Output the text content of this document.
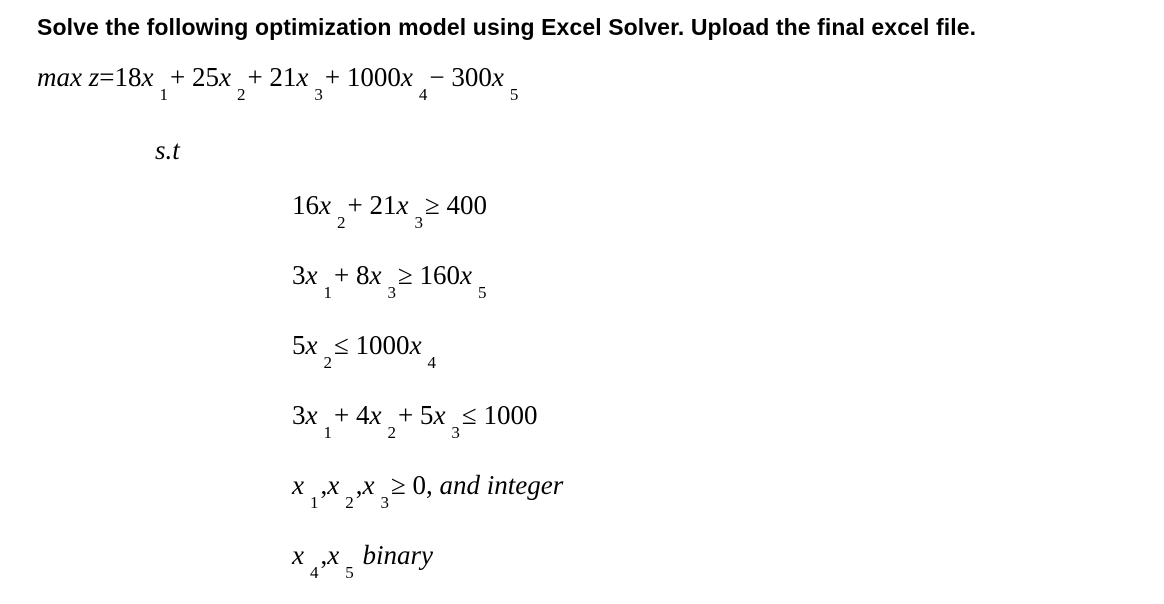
Solve the following optimization model using Excel Solver. Upload the final excel file.
$\max z=18x_1+ 25x_2+ 21x_3+ 1000x_4- 300x_5$
s.t
$16x_2+ 21x_3\ge 400$
$3x_1+ 8x_3\ge 160x_5$
$5x_2\le 1000x_4$
$3x_1+ 4x_2+ 5x_3\le 1000$
$x_1,x_2,x_3\ge 0$, and integer
$x_4,x_5$ binary
